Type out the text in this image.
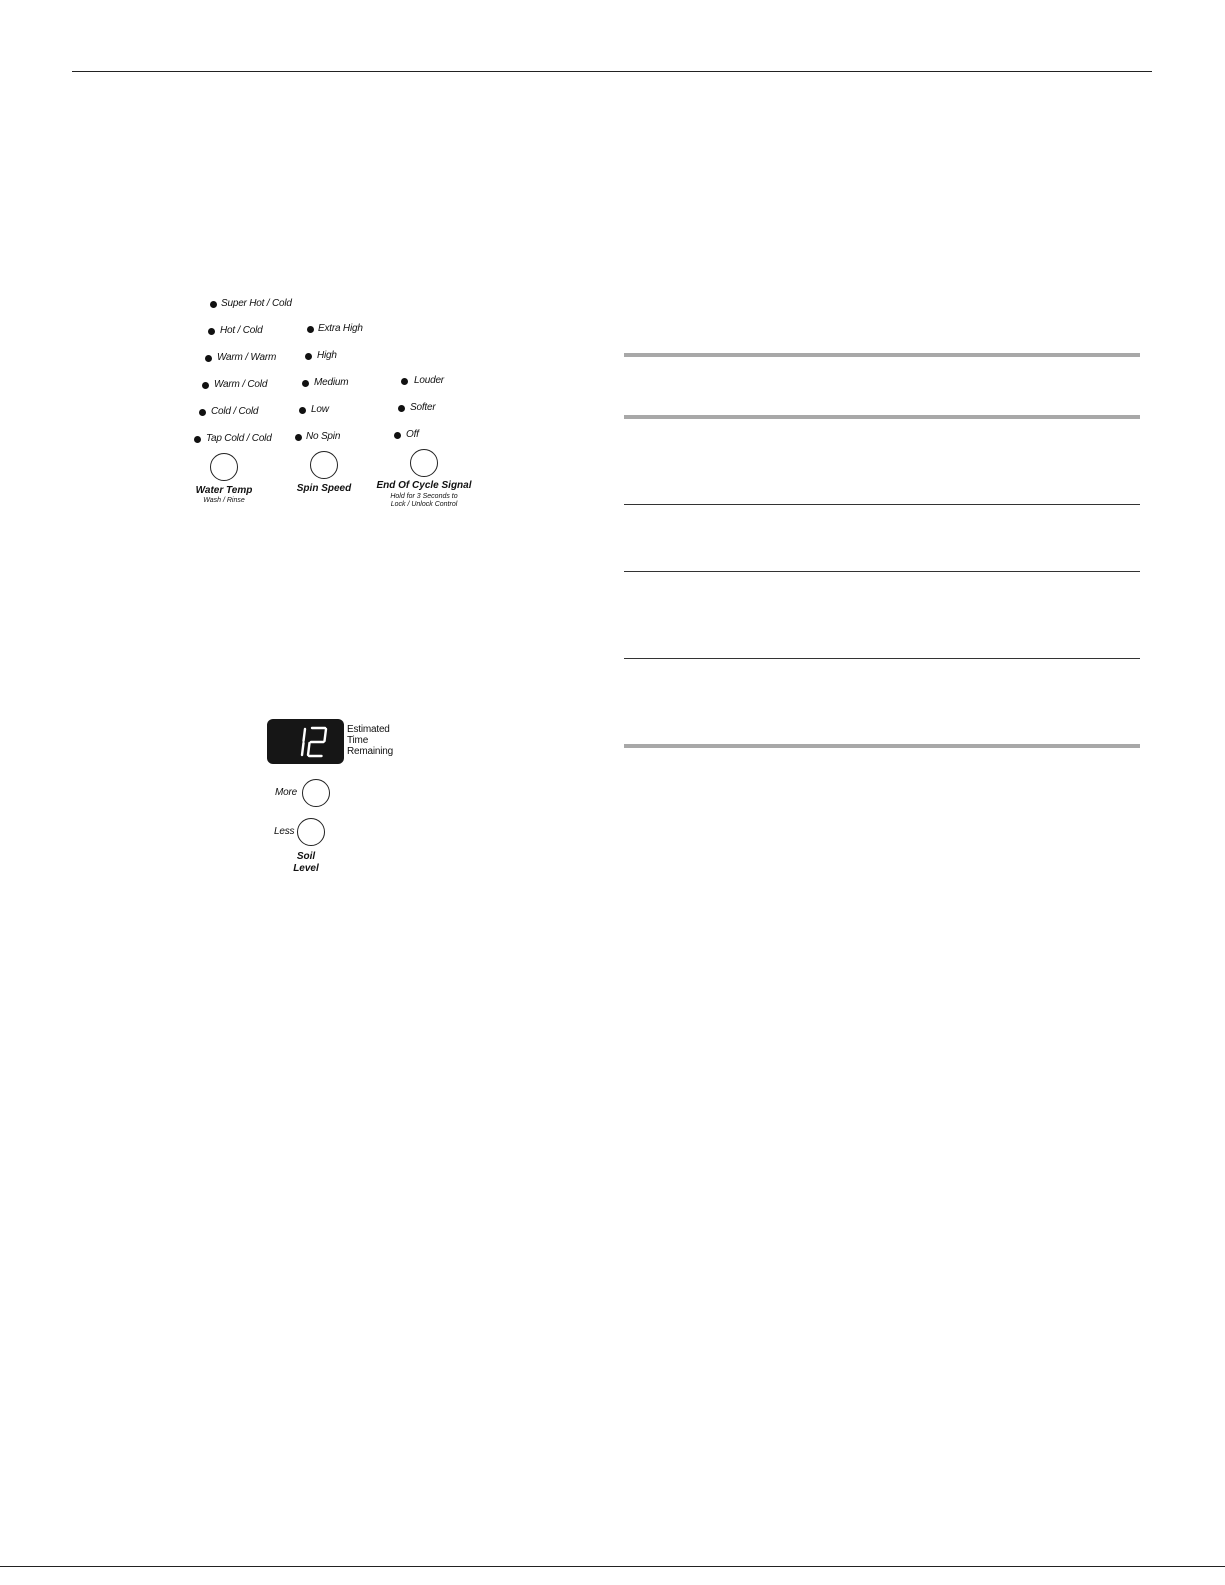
Super Hot / Cold
Hot / Cold
Warm / Warm
Warm / Cold
Cold / Cold
Tap Cold / Cold
Water Temp
Wash / Rinse
Extra High
High
Medium
Low
No Spin
Spin Speed
Louder
Softer
Off
End Of Cycle Signal
Hold for 3 Seconds to
Lock / Unlock Control
Estimated
Time
Remaining
More
Less
Soil
Level
